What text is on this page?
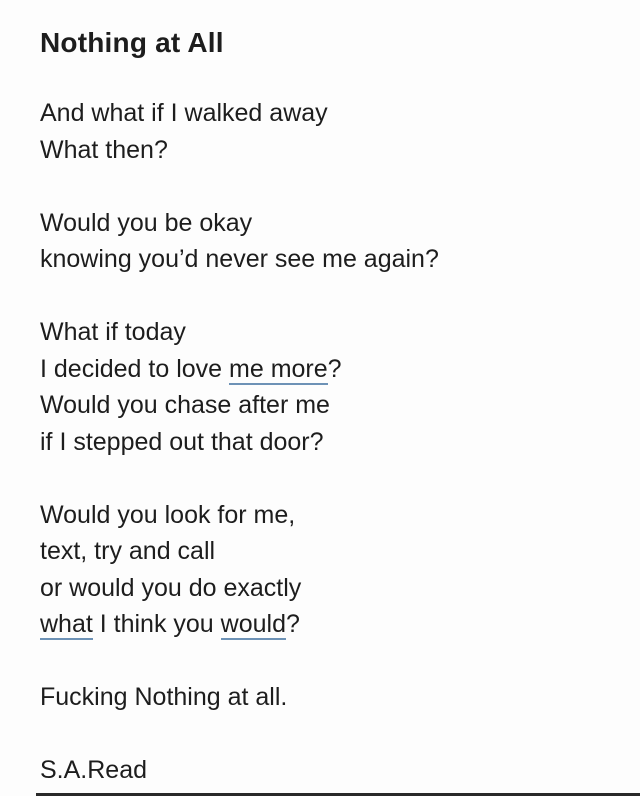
Nothing at All
And what if I walked away
What then?
Would you be okay
knowing you’d never see me again?
What if today
I decided to love me more?
Would you chase after me
if I stepped out that door?
Would you look for me,
text, try and call
or would you do exactly
what I think you would?
Fucking Nothing at all.
S.A.Read
